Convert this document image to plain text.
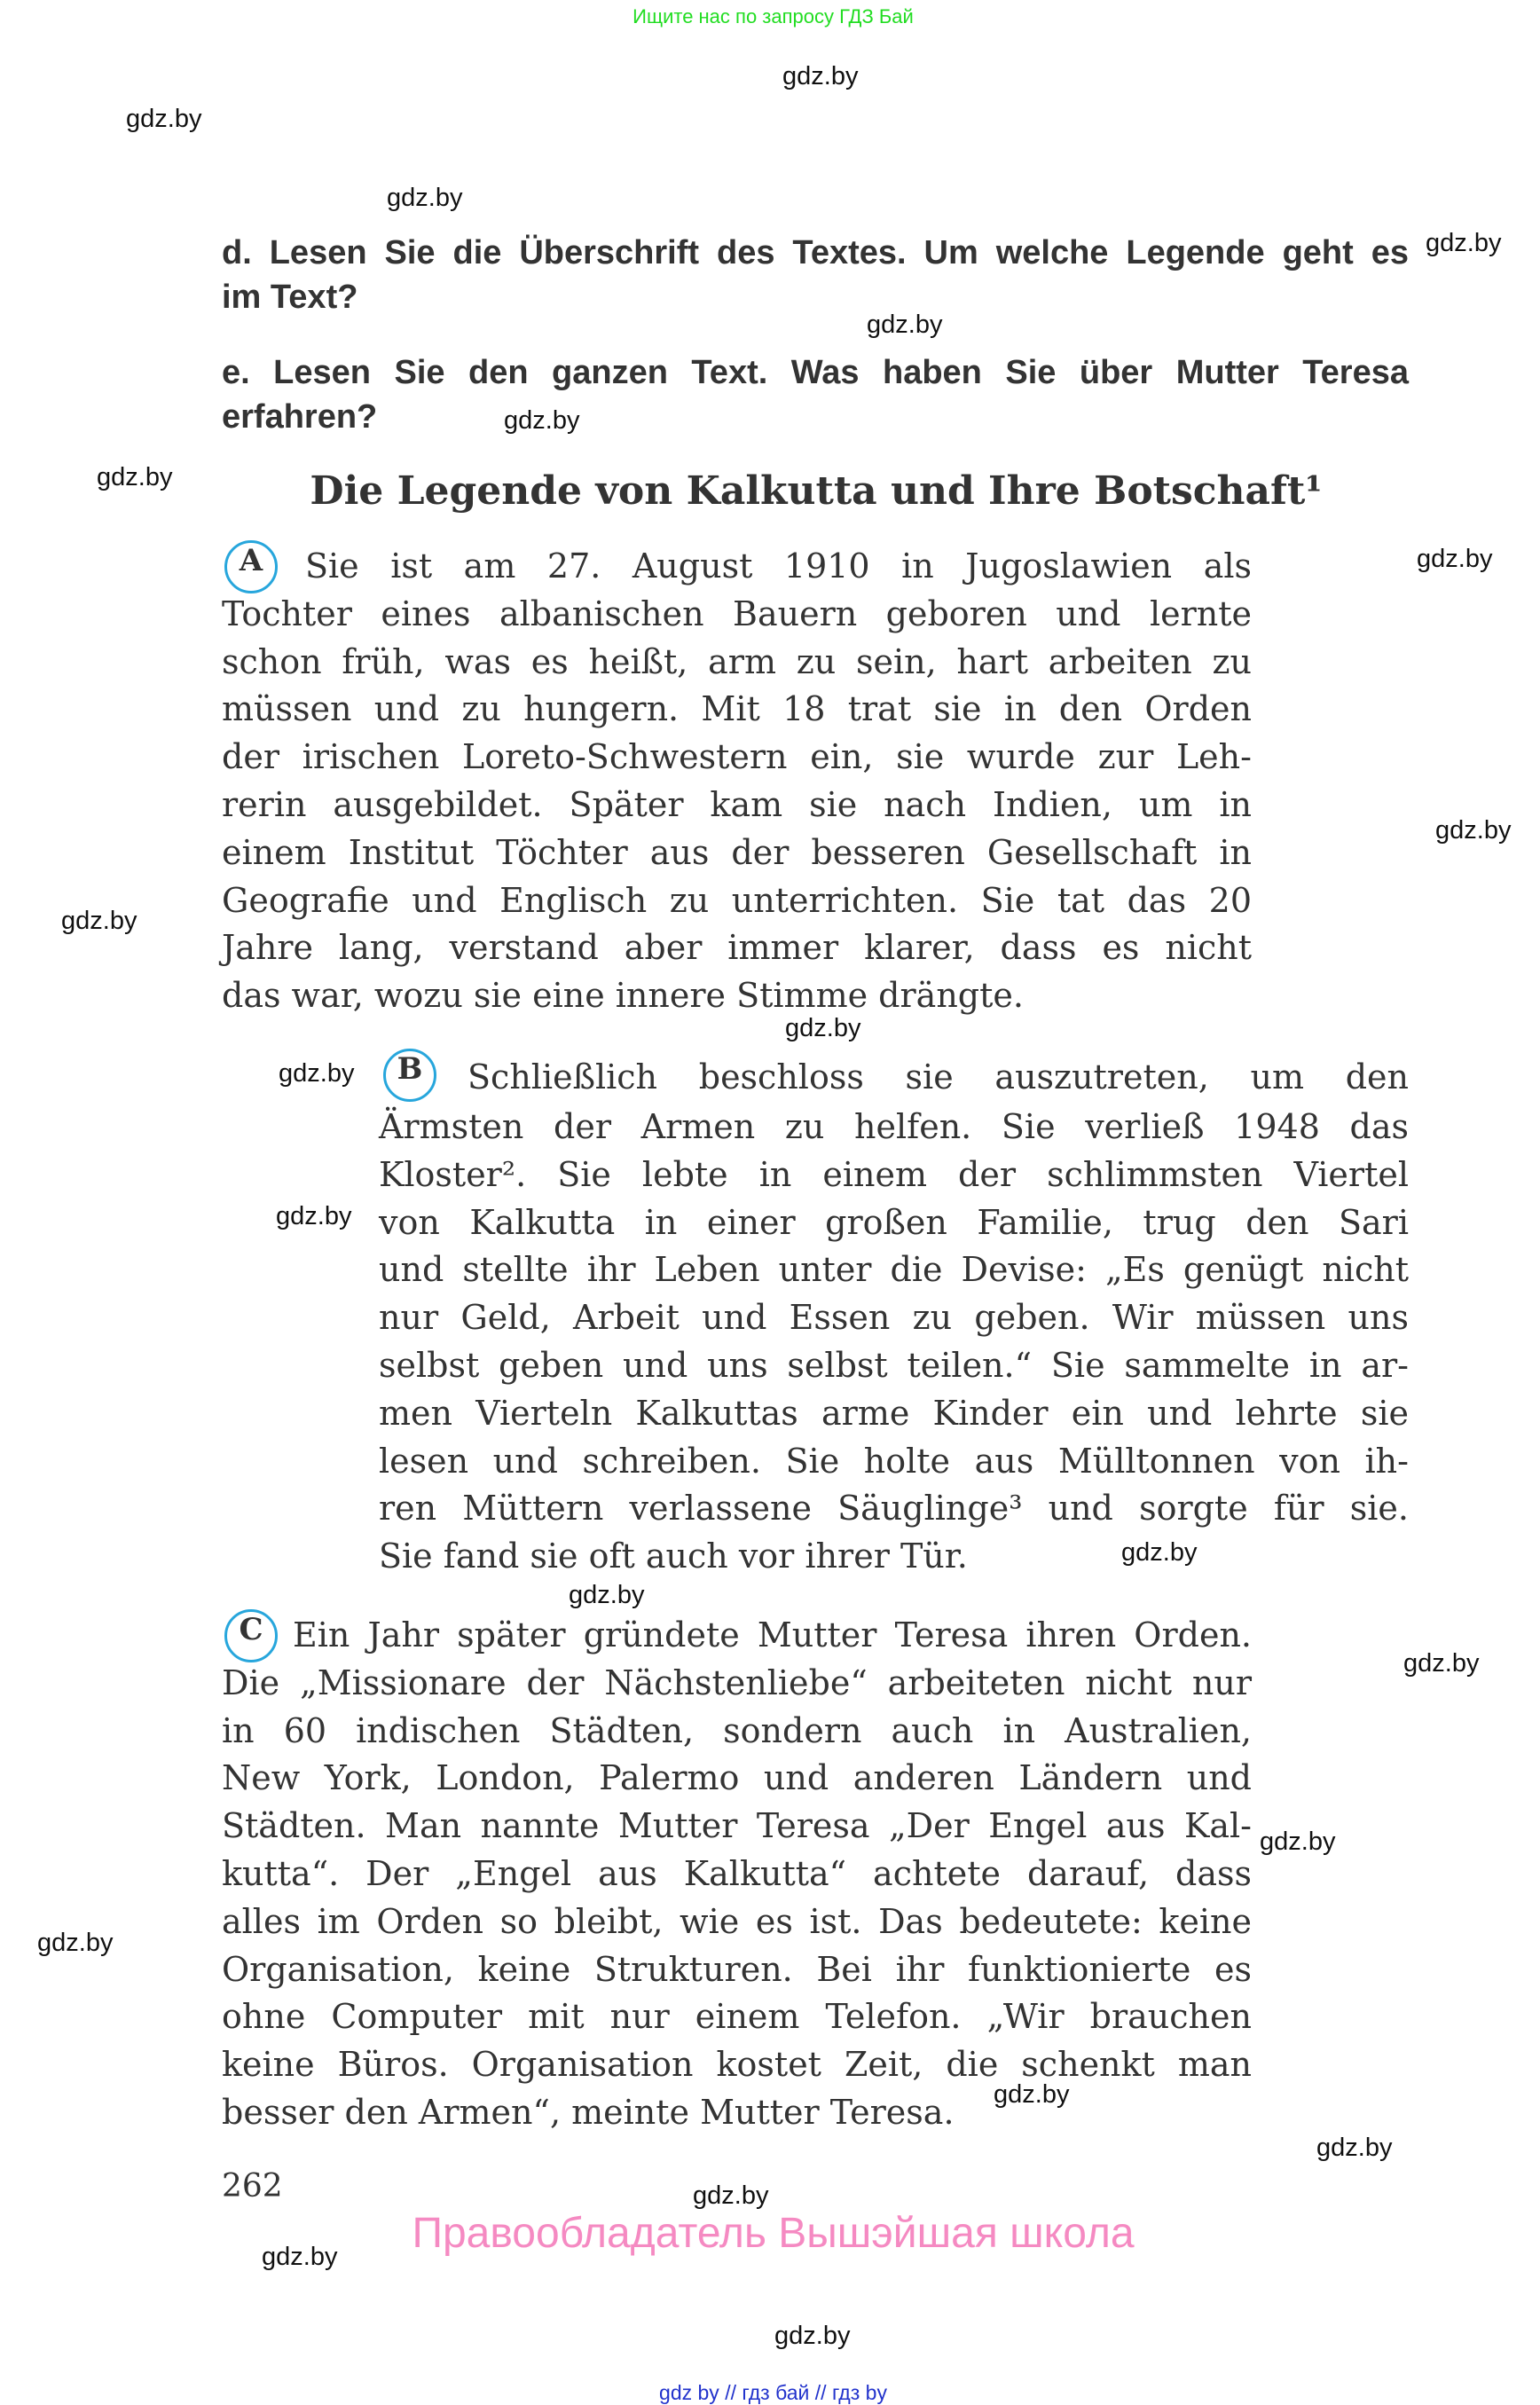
Ищите нас по запросу ГДЗ Бай
d. Lesen Sie die Überschrift des Textes. Um welche Legende geht es
im Text?
e. Lesen Sie den ganzen Text. Was haben Sie über Mutter Teresa
erfahren?
Die Legende von Kalkutta und Ihre Botschaft¹
A	Sie ist am 27. August 1910 in Jugoslawien als
Tochter eines albanischen Bauern geboren und lernte
schon früh, was es heißt, arm zu sein, hart arbeiten zu
müssen und zu hungern. Mit 18 trat sie in den Orden
der irischen Loreto-Schwestern ein, sie wurde zur Leh-
rerin ausgebildet. Später kam sie nach Indien, um in
einem Institut Töchter aus der besseren Gesellschaft in
Geografie und Englisch zu unterrichten. Sie tat das 20
Jahre lang, verstand aber immer klarer, dass es nicht
das war, wozu sie eine innere Stimme drängte.
B	Schließlich beschloss sie auszutreten, um den
Ärmsten der Armen zu helfen. Sie verließ 1948 das
Kloster². Sie lebte in einem der schlimmsten Viertel
von Kalkutta in einer großen Familie, trug den Sari
und stellte ihr Leben unter die Devise: „Es genügt nicht
nur Geld, Arbeit und Essen zu geben. Wir müssen uns
selbst geben und uns selbst teilen.“ Sie sammelte in ar-
men Vierteln Kalkuttas arme Kinder ein und lehrte sie
lesen und schreiben. Sie holte aus Mülltonnen von ih-
ren Müttern verlassene Säuglinge³ und sorgte für sie.
Sie fand sie oft auch vor ihrer Tür.
C Ein Jahr später gründete Mutter Teresa ihren Orden.
Die „Missionare der Nächstenliebe“ arbeiteten nicht nur
in 60 indischen Städten, sondern auch in Australien,
New York, London, Palermo und anderen Ländern und
Städten. Man nannte Mutter Teresa „Der Engel aus Kal-
kutta“. Der „Engel aus Kalkutta“ achtete darauf, dass
alles im Orden so bleibt, wie es ist. Das bedeutete: keine
Organisation, keine Strukturen. Bei ihr funktionierte es
ohne Computer mit nur einem Telefon. „Wir brauchen
keine Büros. Organisation kostet Zeit, die schenkt man
besser den Armen“, meinte Mutter Teresa.
262
Правообладатель Вышэйшая школа
gdz by // гдз бай // гдз by
gdz.by
gdz.by
gdz.by
gdz.by
gdz.by
gdz.by
gdz.by
gdz.by
gdz.by
gdz.by
gdz.by
gdz.by
gdz.by
gdz.by
gdz.by
gdz.by
gdz.by
gdz.by
gdz.by
gdz.by
gdz.by
gdz.by
gdz.by
